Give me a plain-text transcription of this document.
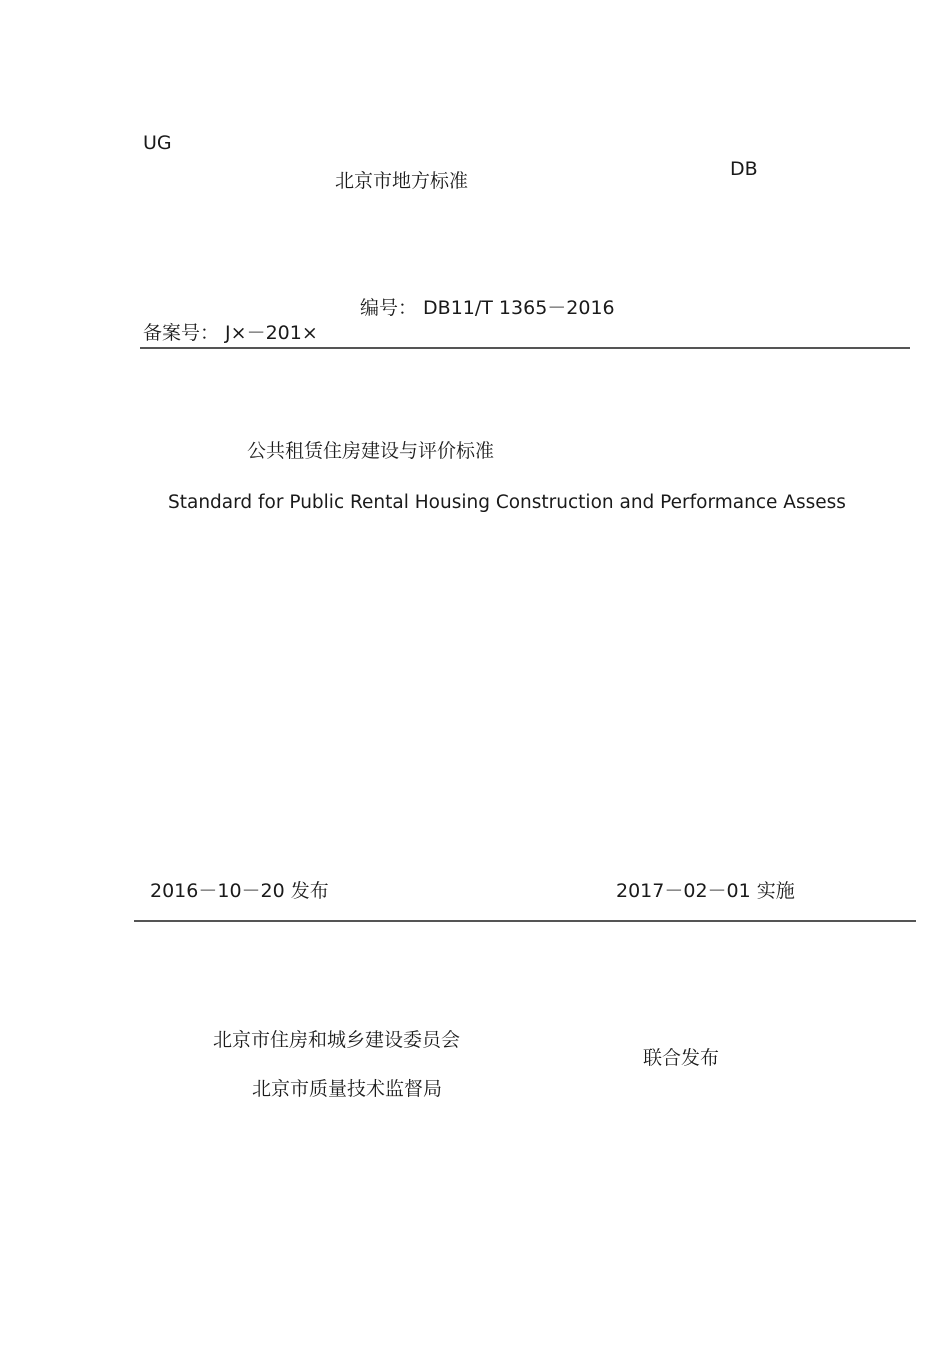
UG
北京市地方标准
DB
编号： DB11/T 1365－2016
备案号： J×－201×
公共租赁住房建设与评价标准
Standard for Public Rental Housing Construction and Performance Assess
2016－10－20 发布	2017－02－01 实施
北京市住房和城乡建设委员会
联合发布
北京市质量技术监督局
